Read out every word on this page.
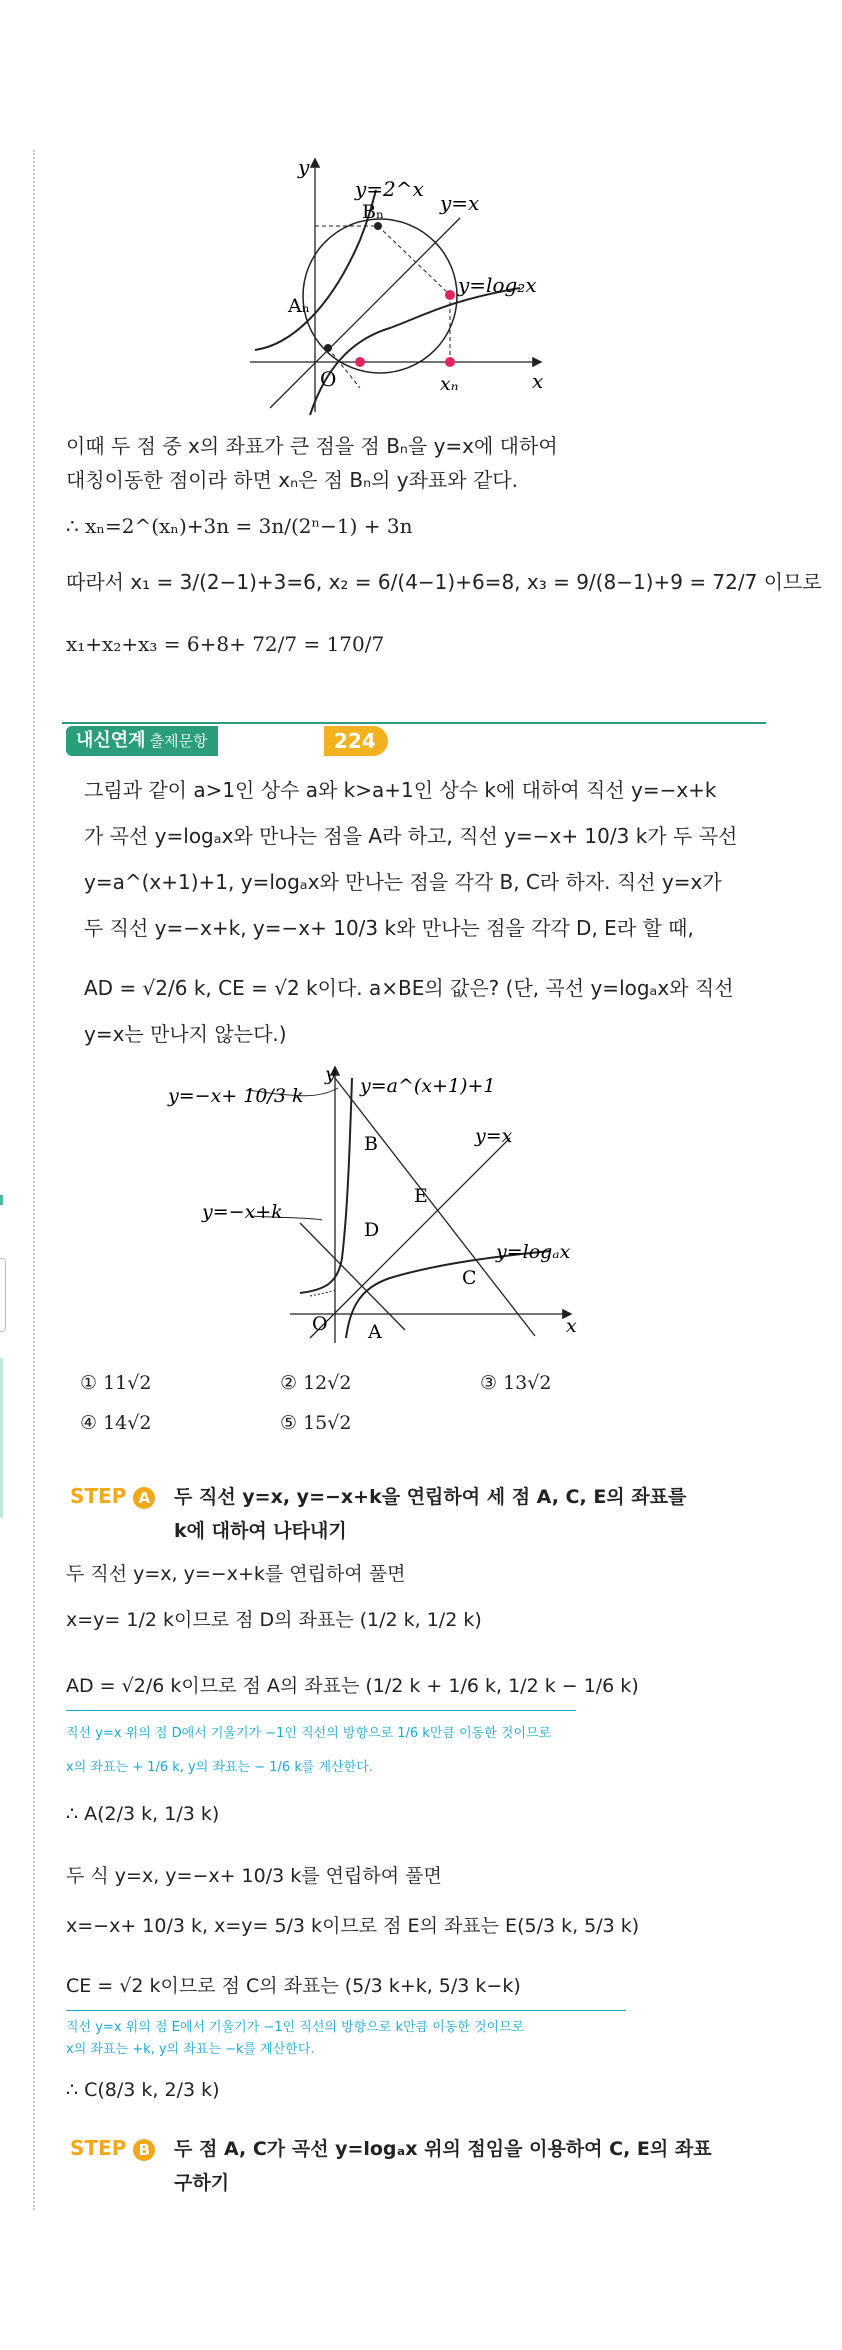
y
x
O
y=2^x
y=x
y=log₂x
Bₙ
Aₙ
xₙ
이때 두 점 중 x의 좌표가 큰 점을 점 Bₙ을 y=x에 대하여
대칭이동한 점이라 하면 xₙ은 점 Bₙ의 y좌표와 같다.
∴ xₙ=2^(xₙ)+3n = 3n/(2ⁿ−1) + 3n
따라서 x₁ = 3/(2−1)+3=6, x₂ = 6/(4−1)+6=8, x₃ = 9/(8−1)+9 = 72/7 이므로
x₁+x₂+x₃ = 6+8+ 72/7 = 170/7
내신연계 출제문항	224
그림과 같이 a>1인 상수 a와 k>a+1인 상수 k에 대하여 직선 y=−x+k
가 곡선 y=logₐx와 만나는 점을 A라 하고, 직선 y=−x+ 10/3 k가 두 곡선
y=a^(x+1)+1, y=logₐx와 만나는 점을 각각 B, C라 하자. 직선 y=x가
두 직선 y=−x+k, y=−x+ 10/3 k와 만나는 점을 각각 D, E라 할 때,
AD = √2/6 k, CE = √2 k이다. a×BE의 값은? (단, 곡선 y=logₐx와 직선
y=x는 만나지 않는다.)
y
x
O
y=−x+ 10/3 k	y=a^(x+1)+1
y=x
y=−x+k
y=logₐx
B
E
D
C
A
① 11√2	② 12√2	③ 13√2
④ 14√2	⑤ 15√2
STEP A 두 직선 y=x, y=−x+k을 연립하여 세 점 A, C, E의 좌표를
k에 대하여 나타내기
두 직선 y=x, y=−x+k를 연립하여 풀면
x=y= 1/2 k이므로 점 D의 좌표는 (1/2 k, 1/2 k)
AD = √2/6 k이므로 점 A의 좌표는 (1/2 k + 1/6 k, 1/2 k − 1/6 k)
직선 y=x 위의 점 D에서 기울기가 −1인 직선의 방향으로 1/6 k만큼 이동한 것이므로
x의 좌표는 + 1/6 k, y의 좌표는 − 1/6 k를 계산한다.
∴ A(2/3 k, 1/3 k)
두 식 y=x, y=−x+ 10/3 k를 연립하여 풀면
x=−x+ 10/3 k, x=y= 5/3 k이므로 점 E의 좌표는 E(5/3 k, 5/3 k)
CE = √2 k이므로 점 C의 좌표는 (5/3 k+k, 5/3 k−k)
직선 y=x 위의 점 E에서 기울기가 −1인 직선의 방향으로 k만큼 이동한 것이므로
x의 좌표는 +k, y의 좌표는 −k를 계산한다.
∴ C(8/3 k, 2/3 k)
STEP B 두 점 A, C가 곡선 y=logₐx 위의 점임을 이용하여 C, E의 좌표
구하기
